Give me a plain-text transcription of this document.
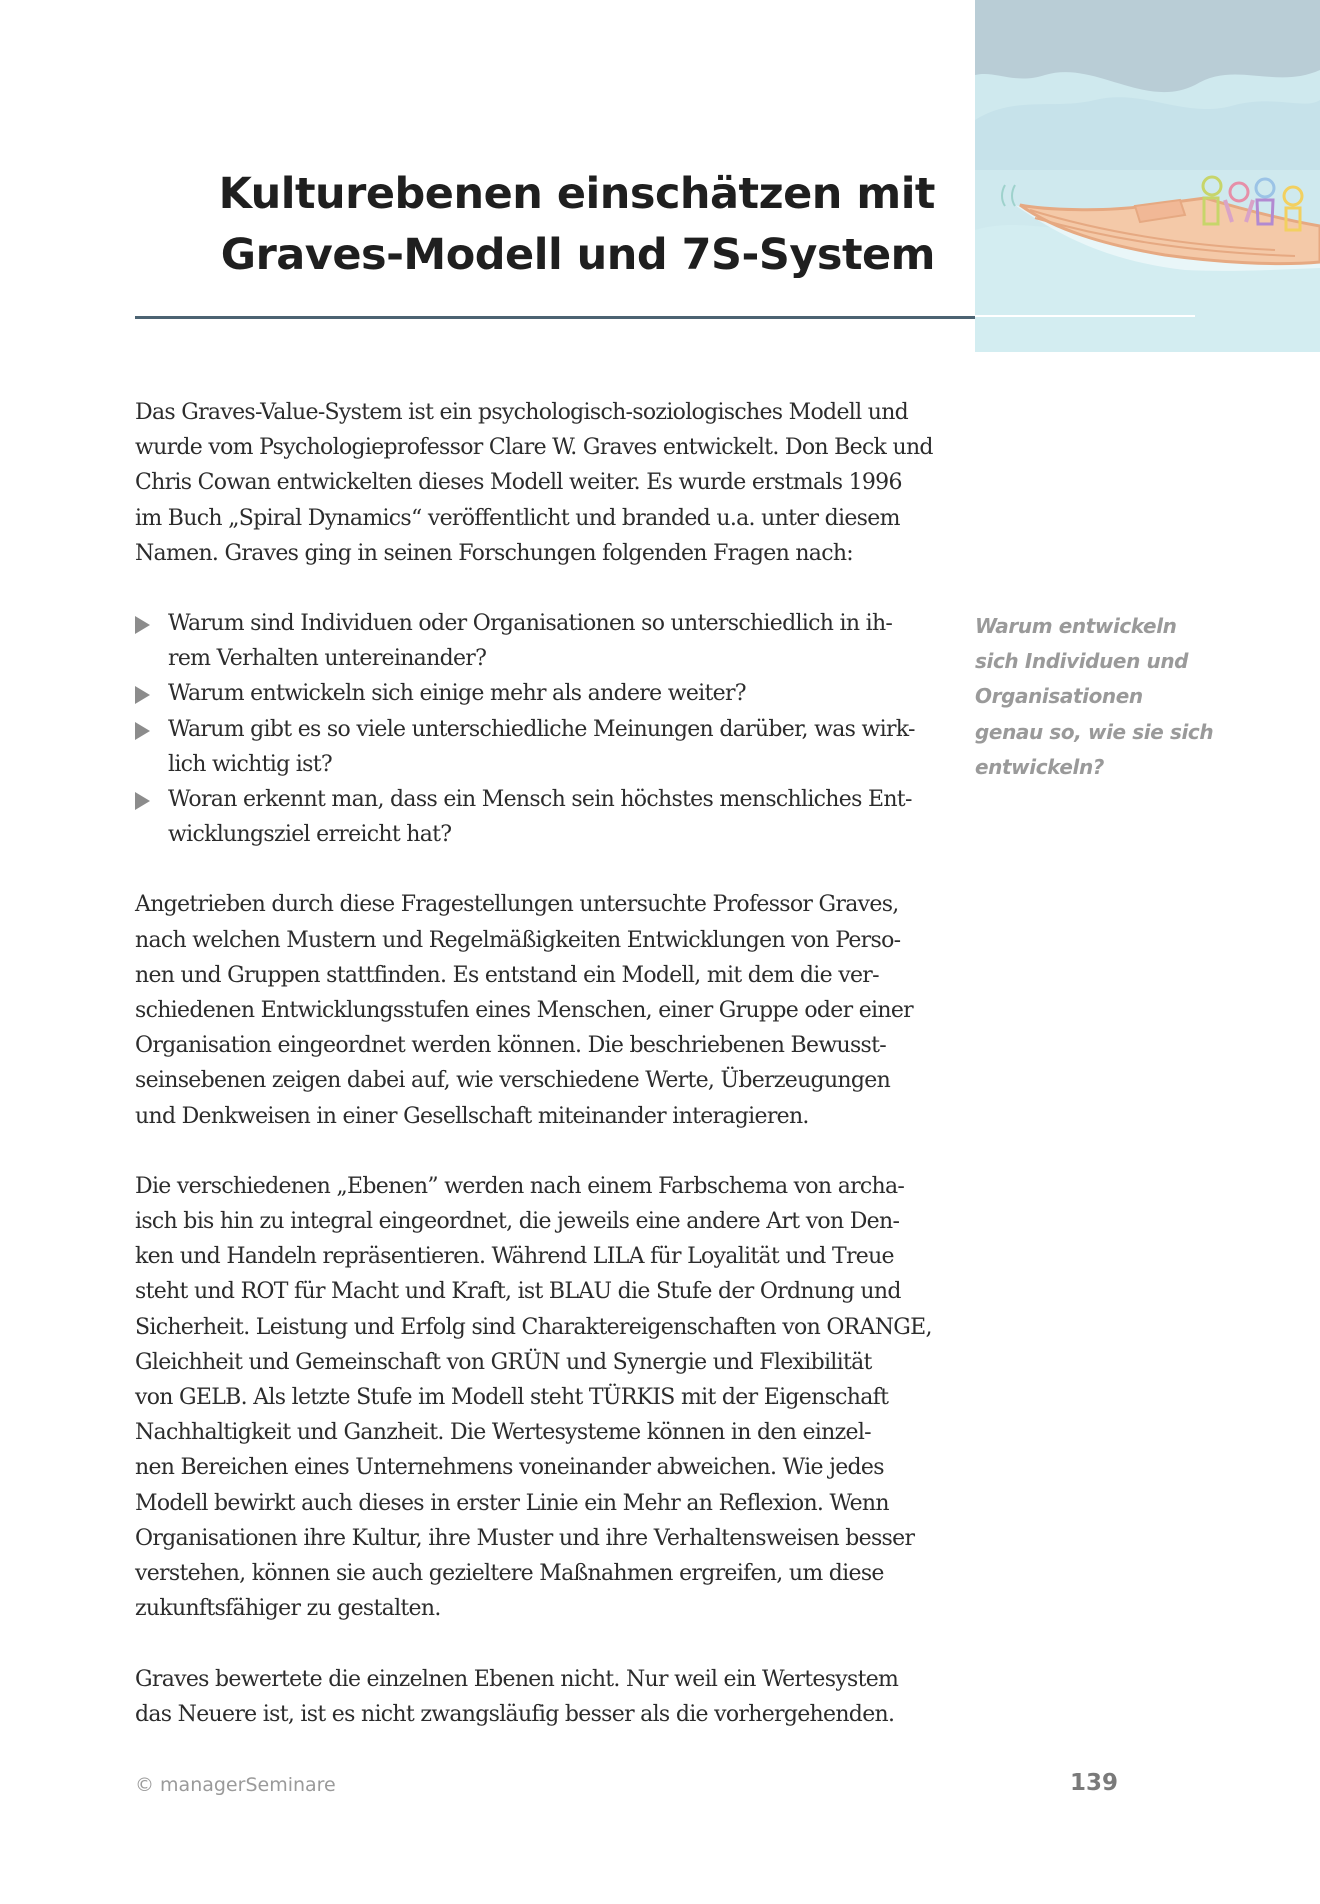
Kulturebenen einschätzen mit
Graves-Modell und 7S-System

Das Graves-Value-System ist ein psychologisch-soziologisches Modell und
wurde vom Psychologieprofessor Clare W. Graves entwickelt. Don Beck und
Chris Cowan entwickelten dieses Modell weiter. Es wurde erstmals 1996
im Buch „Spiral Dynamics“ veröffentlicht und branded u.a. unter diesem
Namen. Graves ging in seinen Forschungen folgenden Fragen nach:

Warum sind Individuen oder Organisationen so unterschiedlich in ih-
rem Verhalten untereinander?
Warum entwickeln sich einige mehr als andere weiter?
Warum gibt es so viele unterschiedliche Meinungen darüber, was wirk-
lich wichtig ist?
Woran erkennt man, dass ein Mensch sein höchstes menschliches Ent-
wicklungsziel erreicht hat?

Angetrieben durch diese Fragestellungen untersuchte Professor Graves,
nach welchen Mustern und Regelmäßigkeiten Entwicklungen von Perso-
nen und Gruppen stattfinden. Es entstand ein Modell, mit dem die ver-
schiedenen Entwicklungsstufen eines Menschen, einer Gruppe oder einer
Organisation eingeordnet werden können. Die beschriebenen Bewusst-
seinsebenen zeigen dabei auf, wie verschiedene Werte, Überzeugungen
und Denkweisen in einer Gesellschaft miteinander interagieren.

Die verschiedenen „Ebenen” werden nach einem Farbschema von archa-
isch bis hin zu integral eingeordnet, die jeweils eine andere Art von Den-
ken und Handeln repräsentieren. Während LILA für Loyalität und Treue
steht und ROT für Macht und Kraft, ist BLAU die Stufe der Ordnung und
Sicherheit. Leistung und Erfolg sind Charaktereigenschaften von ORANGE,
Gleichheit und Gemeinschaft von GRÜN und Synergie und Flexibilität
von GELB. Als letzte Stufe im Modell steht TÜRKIS mit der Eigenschaft
Nachhaltigkeit und Ganzheit. Die Wertesysteme können in den einzel-
nen Bereichen eines Unternehmens voneinander abweichen. Wie jedes
Modell bewirkt auch dieses in erster Linie ein Mehr an Reflexion. Wenn
Organisationen ihre Kultur, ihre Muster und ihre Verhaltensweisen besser
verstehen, können sie auch gezieltere Maßnahmen ergreifen, um diese
zukunftsfähiger zu gestalten.

Graves bewertete die einzelnen Ebenen nicht. Nur weil ein Wertesystem
das Neuere ist, ist es nicht zwangsläufig besser als die vorhergehenden.

Warum entwickeln
sich Individuen und
Organisationen
genau so, wie sie sich
entwickeln?
© managerSeminare	139
